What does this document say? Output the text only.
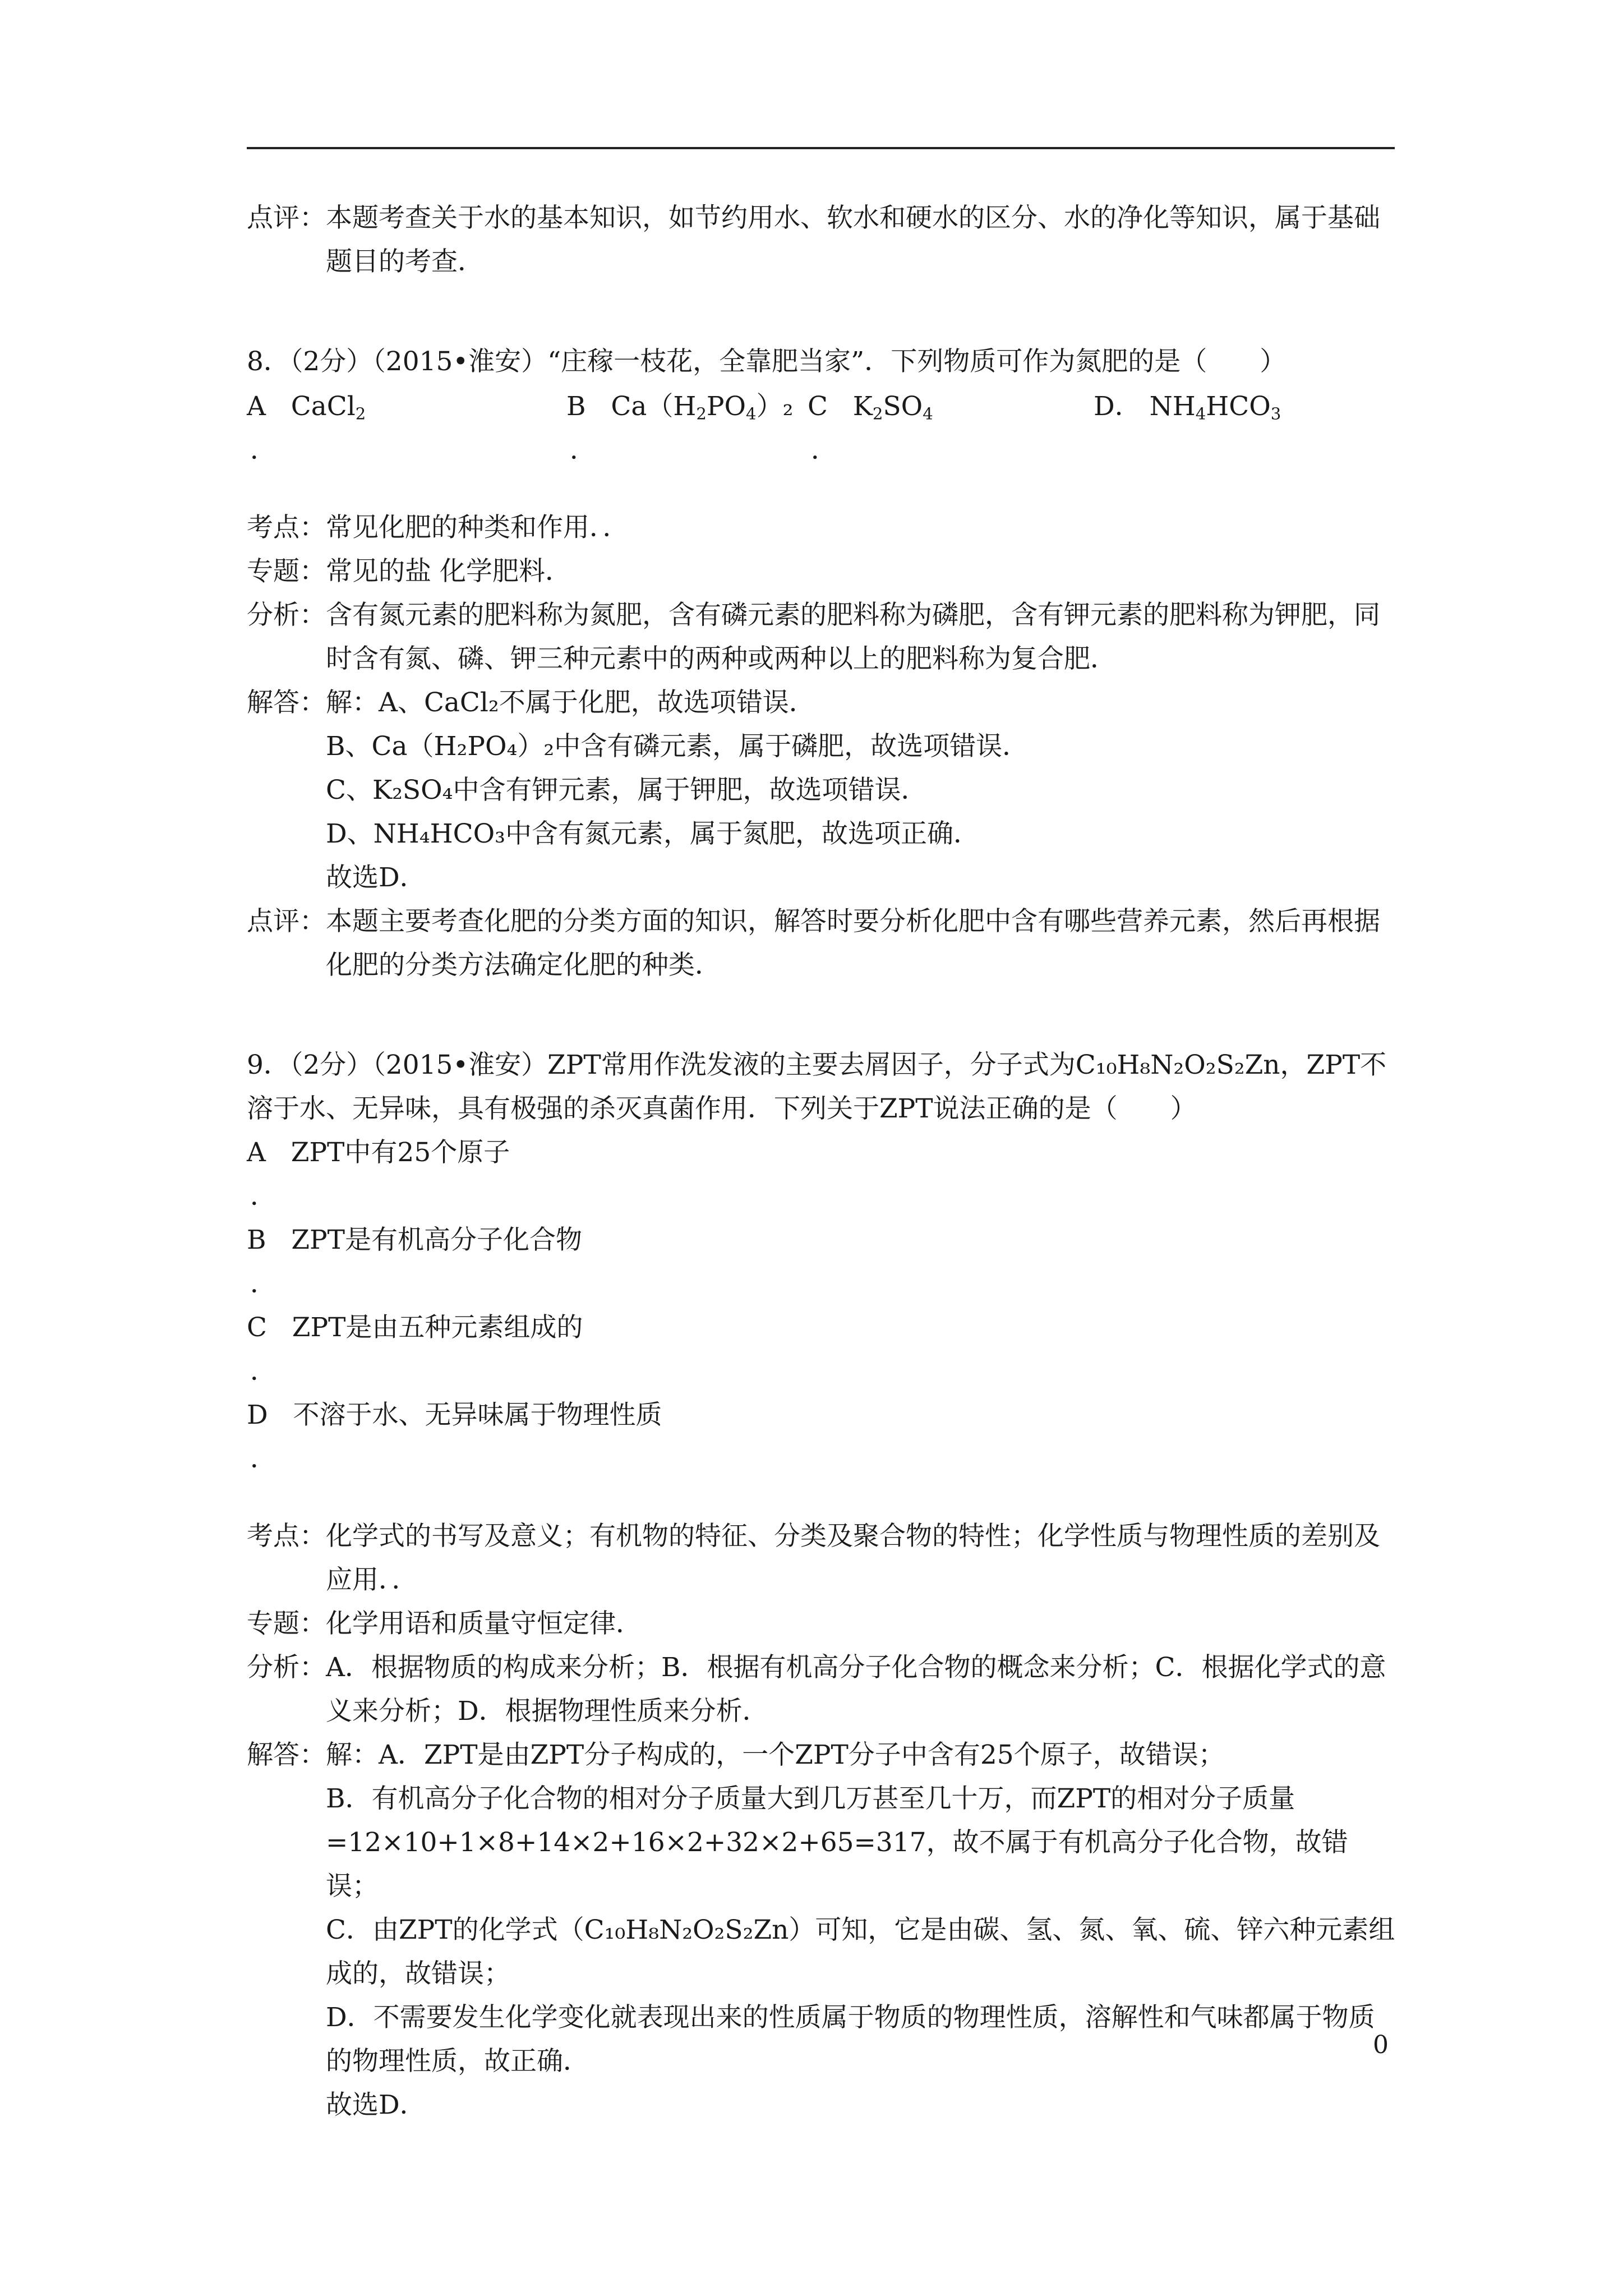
点评： 本题考查关于水的基本知识，如节约用水、软水和硬水的区分、水的净化等知识，属于基础题目的考查．
8．（2分）（2015•淮安）“庄稼一枝花，全靠肥当家”．下列物质可作为氮肥的是（　　）
A CaCl$_2$
．
B $Ca(H_2PO_4)_2$
．
C $K_2SO_4$
．
D． $NH_4HCO_3$
考点： 常见化肥的种类和作用．．
专题： 常见的盐 化学肥料．
分析： 含有氮元素的肥料称为氮肥，含有磷元素的肥料称为磷肥，含有钾元素的肥料称为钾肥，同时含有氮、磷、钾三种元素中的两种或两种以上的肥料称为复合肥．
解答： 解：A、CaCl₂不属于化肥，故选项错误．
B、Ca（H₂PO₄）₂中含有磷元素，属于磷肥，故选项错误．
C、K₂SO₄中含有钾元素，属于钾肥，故选项错误．
D、NH₄HCO₃中含有氮元素，属于氮肥，故选项正确．
故选D．
点评： 本题主要考查化肥的分类方面的知识，解答时要分析化肥中含有哪些营养元素，然后再根据化肥的分类方法确定化肥的种类．
9．（2分）（2015•淮安）ZPT常用作洗发液的主要去屑因子，分子式为C₁₀H₈N₂O₂S₂Zn，ZPT不溶于水、无异味，具有极强的杀灭真菌作用．下列关于ZPT说法正确的是（　　）
A ZPT中有25个原子
．
B ZPT是有机高分子化合物
．
C ZPT是由五种元素组成的
．
D 不溶于水、无异味属于物理性质
．
考点： 化学式的书写及意义；有机物的特征、分类及聚合物的特性；化学性质与物理性质的差别及应用．．
专题： 化学用语和质量守恒定律．
分析： A．根据物质的构成来分析；B．根据有机高分子化合物的概念来分析；C．根据化学式的意义来分析；D．根据物理性质来分析．
解答： 解：A．ZPT是由ZPT分子构成的，一个ZPT分子中含有25个原子，故错误；
B．有机高分子化合物的相对分子质量大到几万甚至几十万，而ZPT的相对分子质量=12×10+1×8+14×2+16×2+32×2+65=317，故不属于有机高分子化合物，故错误；
C．由ZPT的化学式（C₁₀H₈N₂O₂S₂Zn）可知，它是由碳、氢、氮、氧、硫、锌六种元素组成的，故错误；
D．不需要发生化学变化就表现出来的性质属于物质的物理性质，溶解性和气味都属于物质的物理性质，故正确．
故选D．
0
